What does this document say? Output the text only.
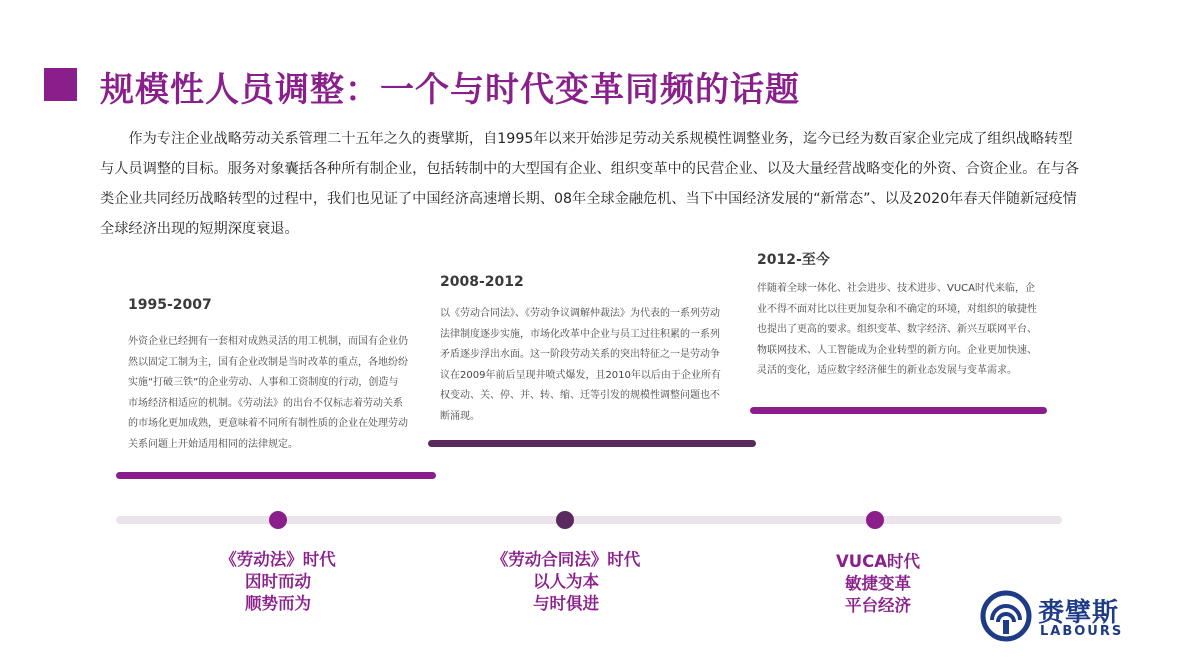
规模性人员调整：一个与时代变革同频的话题

作为专注企业战略劳动关系管理二十五年之久的赉擘斯，自1995年以来开始涉足劳动关系规模性调整业务，迄今已经为数百家企业完成了组织战略转型与人员调整的目标。服务对象囊括各种所有制企业，包括转制中的大型国有企业、组织变革中的民营企业、以及大量经营战略变化的外资、合资企业。在与各类企业共同经历战略转型的过程中，我们也见证了中国经济高速增长期、08年全球金融危机、当下中国经济发展的“新常态”、以及2020年春天伴随新冠疫情全球经济出现的短期深度衰退。

1995-2007
外资企业已经拥有一套相对成熟灵活的用工机制，而国有企业仍然以固定工制为主，国有企业改制是当时改革的重点，各地纷纷实施“打破三铁”的企业劳动、人事和工资制度的行动，创造与市场经济相适应的机制。《劳动法》的出台不仅标志着劳动关系的市场化更加成熟，更意味着不同所有制性质的企业在处理劳动关系问题上开始适用相同的法律规定。
2008-2012
以《劳动合同法》、《劳动争议调解仲裁法》为代表的一系列劳动法律制度逐步实施，市场化改革中企业与员工过往积累的一系列矛盾逐步浮出水面。这一阶段劳动关系的突出特征之一是劳动争议在2009年前后呈现井喷式爆发，且2010年以后由于企业所有权变动、关、停、并、转、缩、迁等引发的规模性调整问题也不断涌现。
2012-至今
伴随着全球一体化、社会进步、技术进步、VUCA时代来临，企业不得不面对比以往更加复杂和不确定的环境，对组织的敏捷性也提出了更高的要求。组织变革、数字经济、新兴互联网平台、物联网技术、人工智能成为企业转型的新方向。企业更加快速、灵活的变化，适应数字经济催生的新业态发展与变革需求。
《劳动法》时代
因时而动
顺势而为
《劳动合同法》时代
以人为本
与时俱进
VUCA时代
敏捷变革
平台经济	赉擘斯
LABOURS
